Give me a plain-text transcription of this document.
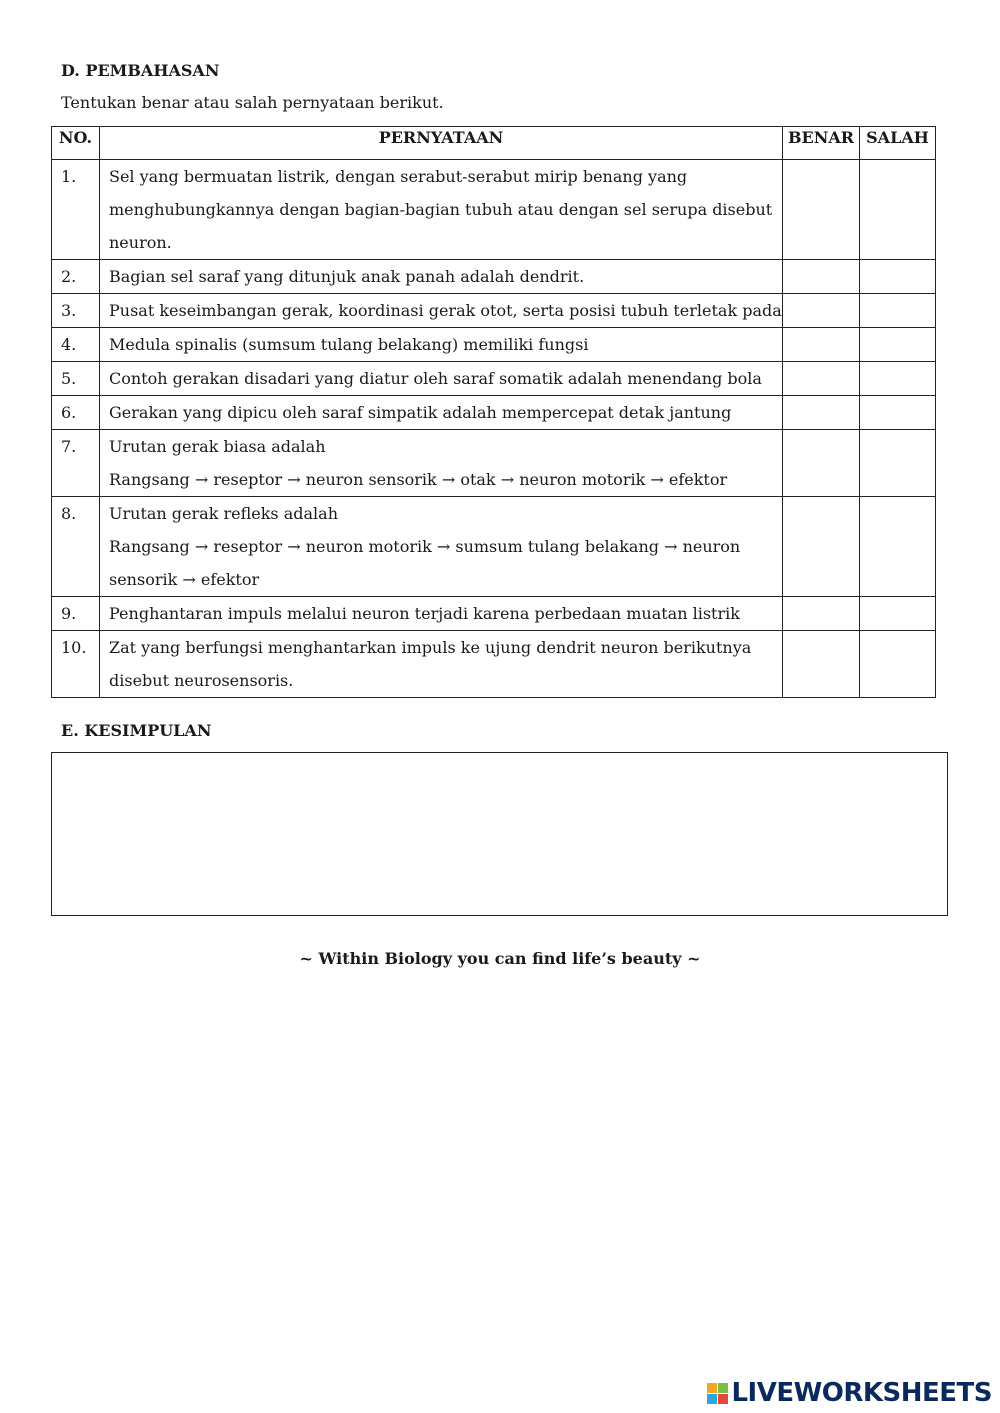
D. PEMBAHASAN
Tentukan benar atau salah pernyataan berikut.
NO.	PERNYATAAN	BENAR	SALAH
1.	Sel yang bermuatan listrik, dengan serabut-serabut mirip benang yang
menghubungkannya dengan bagian-bagian tubuh atau dengan sel serupa disebut
neuron.		

2.	Bagian sel saraf yang ditunjuk anak panah adalah dendrit.		

3.	Pusat keseimbangan gerak, koordinasi gerak otot, serta posisi tubuh terletak pada		

4.	Medula spinalis (sumsum tulang belakang) memiliki fungsi		

5.	Contoh gerakan disadari yang diatur oleh saraf somatik adalah menendang bola		

6.	Gerakan yang dipicu oleh saraf simpatik adalah mempercepat detak jantung		

7.	Urutan gerak biasa adalah
Rangsang → reseptor → neuron sensorik → otak → neuron motorik → efektor		

8.	Urutan gerak refleks adalah
Rangsang → reseptor → neuron motorik → sumsum tulang belakang → neuron
sensorik → efektor		

9.	Penghantaran impuls melalui neuron terjadi karena perbedaan muatan listrik		

10.	Zat yang berfungsi menghantarkan impuls ke ujung dendrit neuron berikutnya
disebut neurosensoris.		

E. KESIMPULAN
~ Within Biology you can find life’s beauty ~
LIVEWORKSHEETS
